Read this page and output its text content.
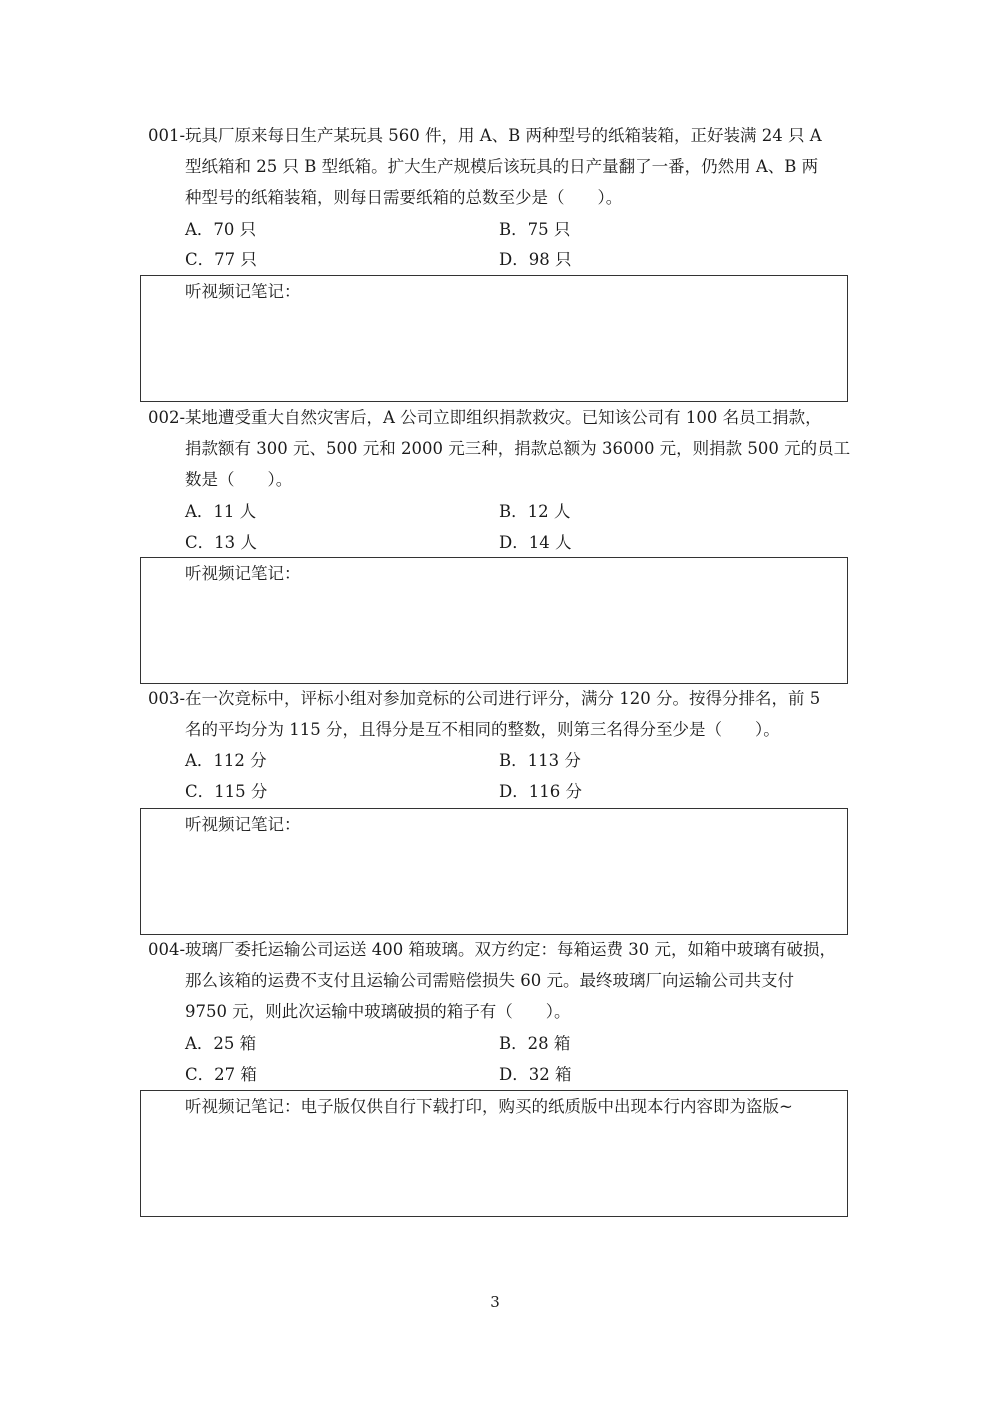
001- 玩具厂原来每日生产某玩具 560 件，用 A、B 两种型号的纸箱装箱，正好装满 24 只 A
型纸箱和 25 只 B 型纸箱。扩大生产规模后该玩具的日产量翻了一番，仍然用 A、B 两
种型号的纸箱装箱，则每日需要纸箱的总数至少是（　　）。
A．70 只	B．75 只
C．77 只	D．98 只
听视频记笔记：
002- 某地遭受重大自然灾害后，A 公司立即组织捐款救灾。已知该公司有 100 名员工捐款，
捐款额有 300 元、500 元和 2000 元三种，捐款总额为 36000 元，则捐款 500 元的员工
数是（　　）。
A．11 人	B．12 人
C．13 人	D．14 人
听视频记笔记：
003- 在一次竞标中，评标小组对参加竞标的公司进行评分，满分 120 分。按得分排名，前 5
名的平均分为 115 分，且得分是互不相同的整数，则第三名得分至少是（　　）。
A．112 分	B．113 分
C．115 分	D．116 分
听视频记笔记：
004- 玻璃厂委托运输公司运送 400 箱玻璃。双方约定：每箱运费 30 元，如箱中玻璃有破损，
那么该箱的运费不支付且运输公司需赔偿损失 60 元。最终玻璃厂向运输公司共支付
9750 元，则此次运输中玻璃破损的箱子有（　　）。
A．25 箱	B．28 箱
C．27 箱	D．32 箱
听视频记笔记：电子版仅供自行下载打印，购买的纸质版中出现本行内容即为盗版~
3
